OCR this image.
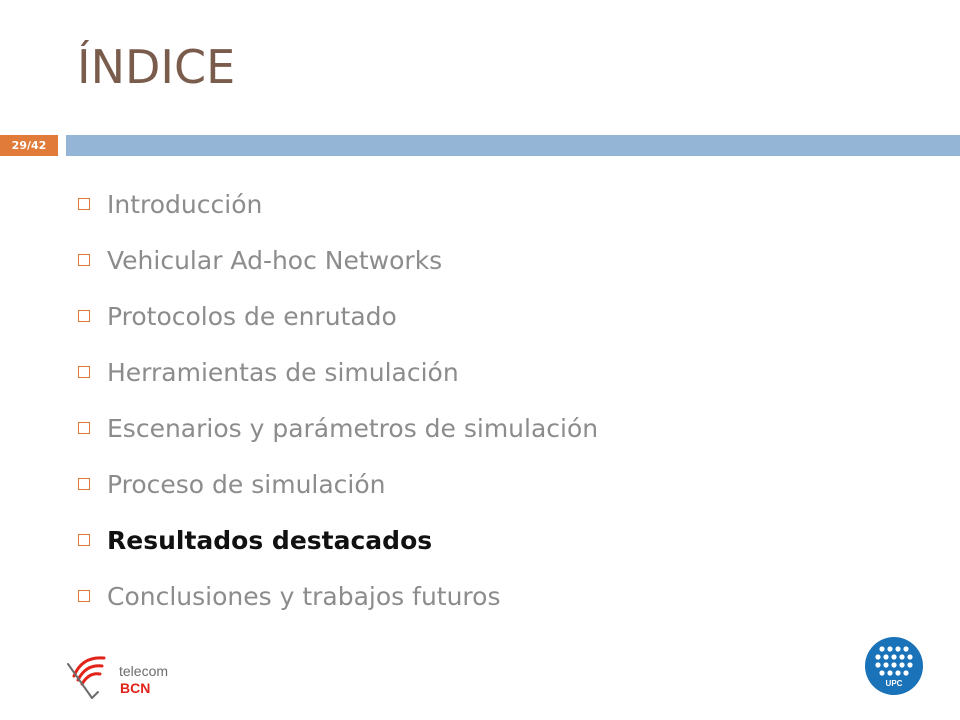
ÍNDICE
29/42
Introducción
Vehicular Ad-hoc Networks
Protocolos de enrutado
Herramientas de simulación
Escenarios y parámetros de simulación
Proceso de simulación
Resultados destacados
Conclusiones y trabajos futuros
telecom
BCN	UPC
